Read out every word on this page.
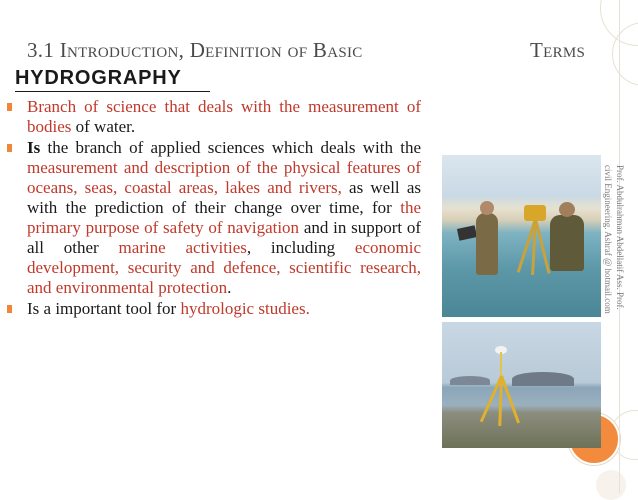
3.1 Introduction, Definition of Basic	Terms
HYDROGRAPHY
Branch of science that deals with the measurement of bodies of water.
Is the branch of applied sciences which deals with the measurement and description of the physical features of oceans, seas, coastal areas, lakes and rivers, as well as with the prediction of their change over time, for the primary purpose of safety of navigation and in support of all other marine activities, including economic development, security and defence, scientific research, and environmental protection.
Is a important tool for hydrologic studies.	Prof. Abdulrahman Abdellatif Ass. Prof. civil Engineering. Ashraf @ hotmail.com
